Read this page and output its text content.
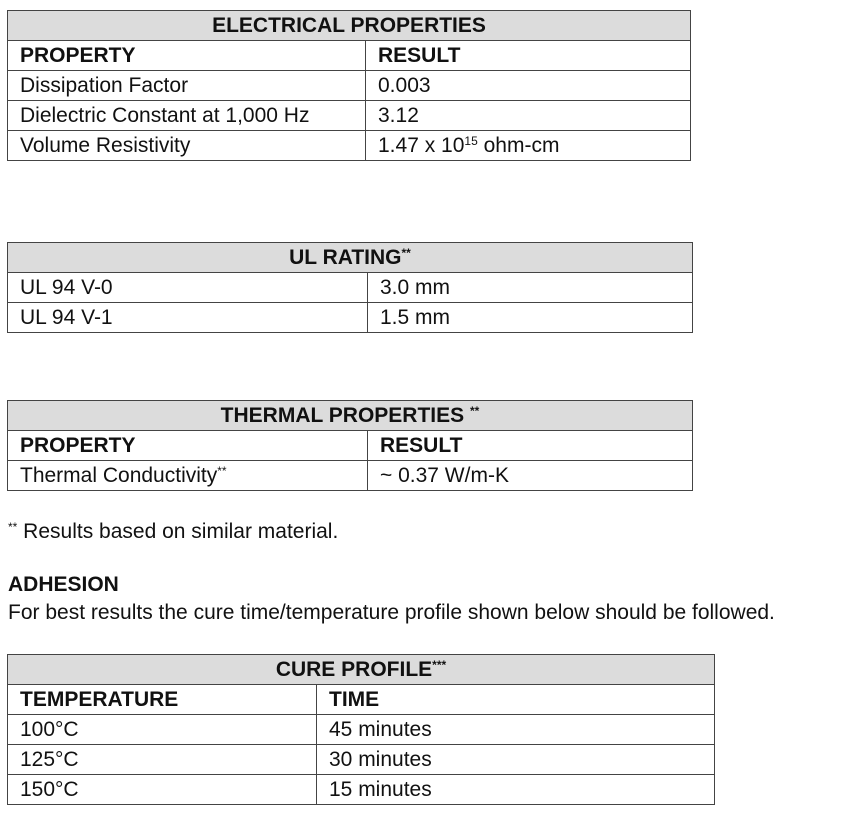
ELECTRICAL PROPERTIES	
PROPERTY	RESULT
Dissipation Factor	0.003
Dielectric Constant at 1,000 Hz	3.12
Volume Resistivity	1.47 x $10^{15}$ ohm-cm
UL RATING**
UL 94 V-0	3.0 mm
UL 94 V-1	1.5 mm
THERMAL PROPERTIES **
PROPERTY	RESULT
Thermal Conductivity**	~ 0.37 W/m-K
** Results based on similar material.
ADHESION
For best results the cure time/temperature profile shown below should be followed.
CURE PROFILE***
TEMPERATURE	TIME
100°C	45 minutes
125°C	30 minutes
150°C	15 minutes
